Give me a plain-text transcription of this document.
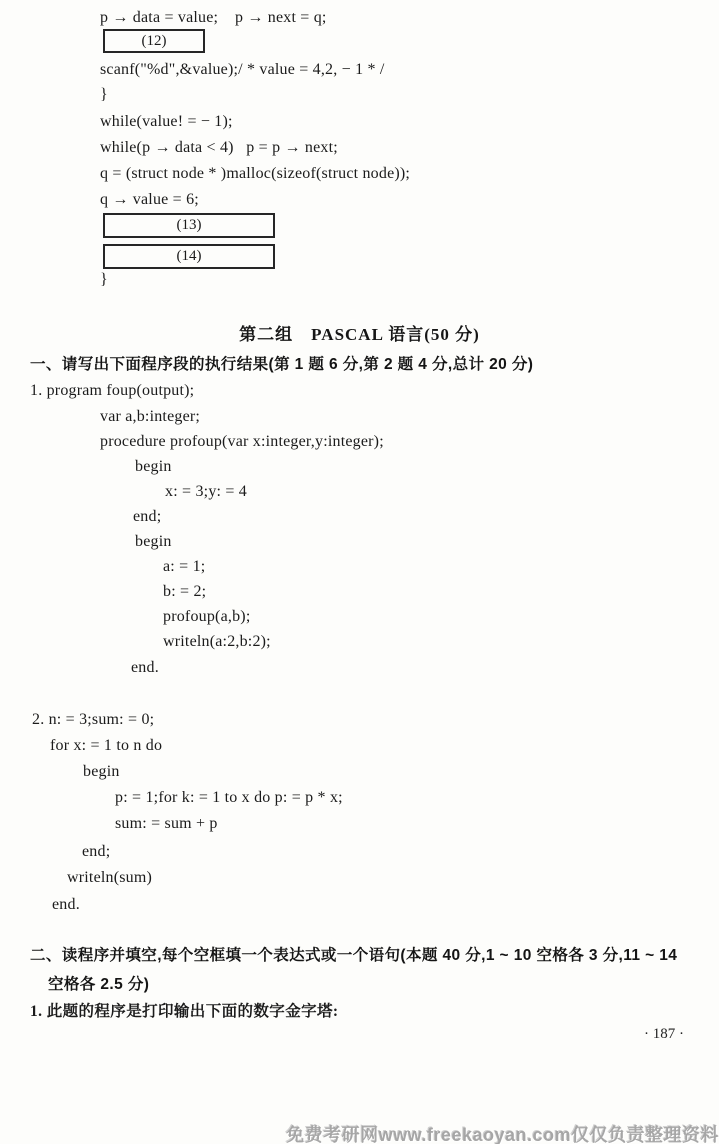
p → data = value;    p → next = q;
(12)
scanf("%d",&value);/ * value = 4,2, − 1 * /
}
while(value! = − 1);
while(p → data < 4)   p = p → next;
q = (struct node * )malloc(sizeof(struct node));
q → value = 6;
(13)
(14)
}
第二组　PASCAL 语言(50 分)
一、请写出下面程序段的执行结果(第 1 题 6 分,第 2 题 4 分,总计 20 分)
1. program foup(output);
var a,b:integer;
procedure profoup(var x:integer,y:integer);
begin
x: = 3;y: = 4
end;
begin
a: = 1;
b: = 2;
profoup(a,b);
writeln(a:2,b:2);
end.
2. n: = 3;sum: = 0;
for x: = 1 to n do
begin
p: = 1;for k: = 1 to x do p: = p * x;
sum: = sum + p
end;
writeln(sum)
end.
二、读程序并填空,每个空框填一个表达式或一个语句(本题 40 分,1 ~ 10 空格各 3 分,11 ~ 14
空格各 2.5 分)
1. 此题的程序是打印输出下面的数字金字塔:
· 187 ·
免费考研网www.freekaoyan.com仅仅负责整理资料
